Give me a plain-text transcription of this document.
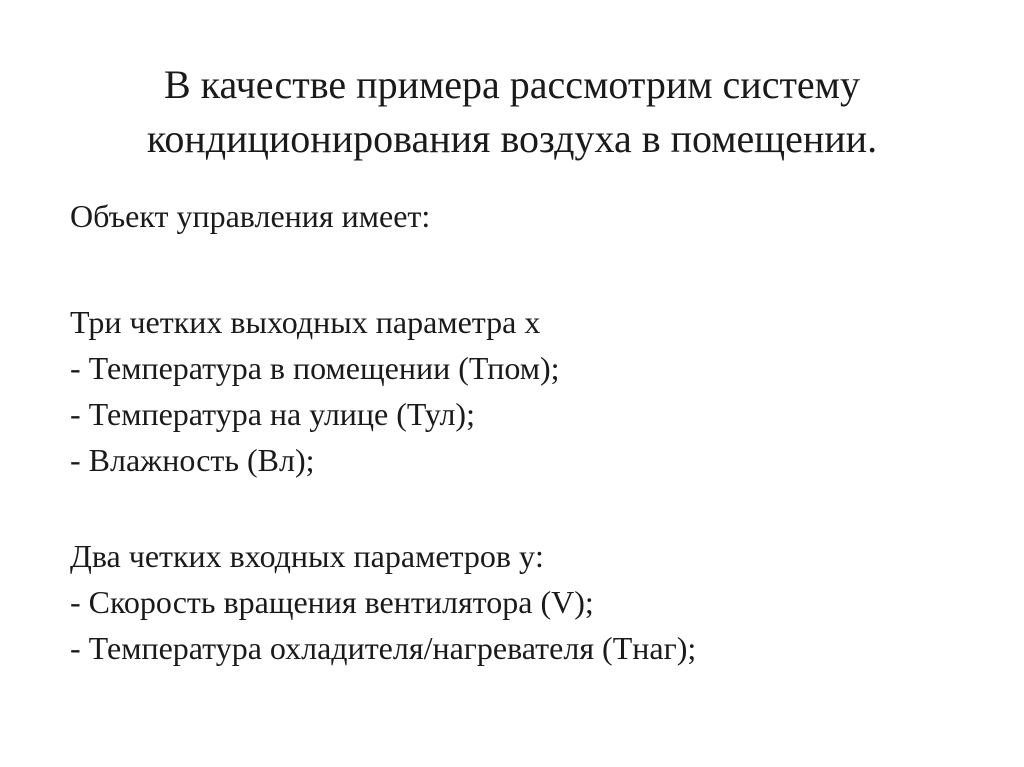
В качестве примера рассмотрим систему
кондиционирования воздуха в помещении.
Объект управления имеет:
Три четких выходных параметра x
- Температура в помещении (Тпом);
- Температура на улице (Тул);
- Влажность (Вл);
Два четких входных параметров y:
- Скорость вращения вентилятора (V);
- Температура охладителя/нагревателя (Тнаг);
